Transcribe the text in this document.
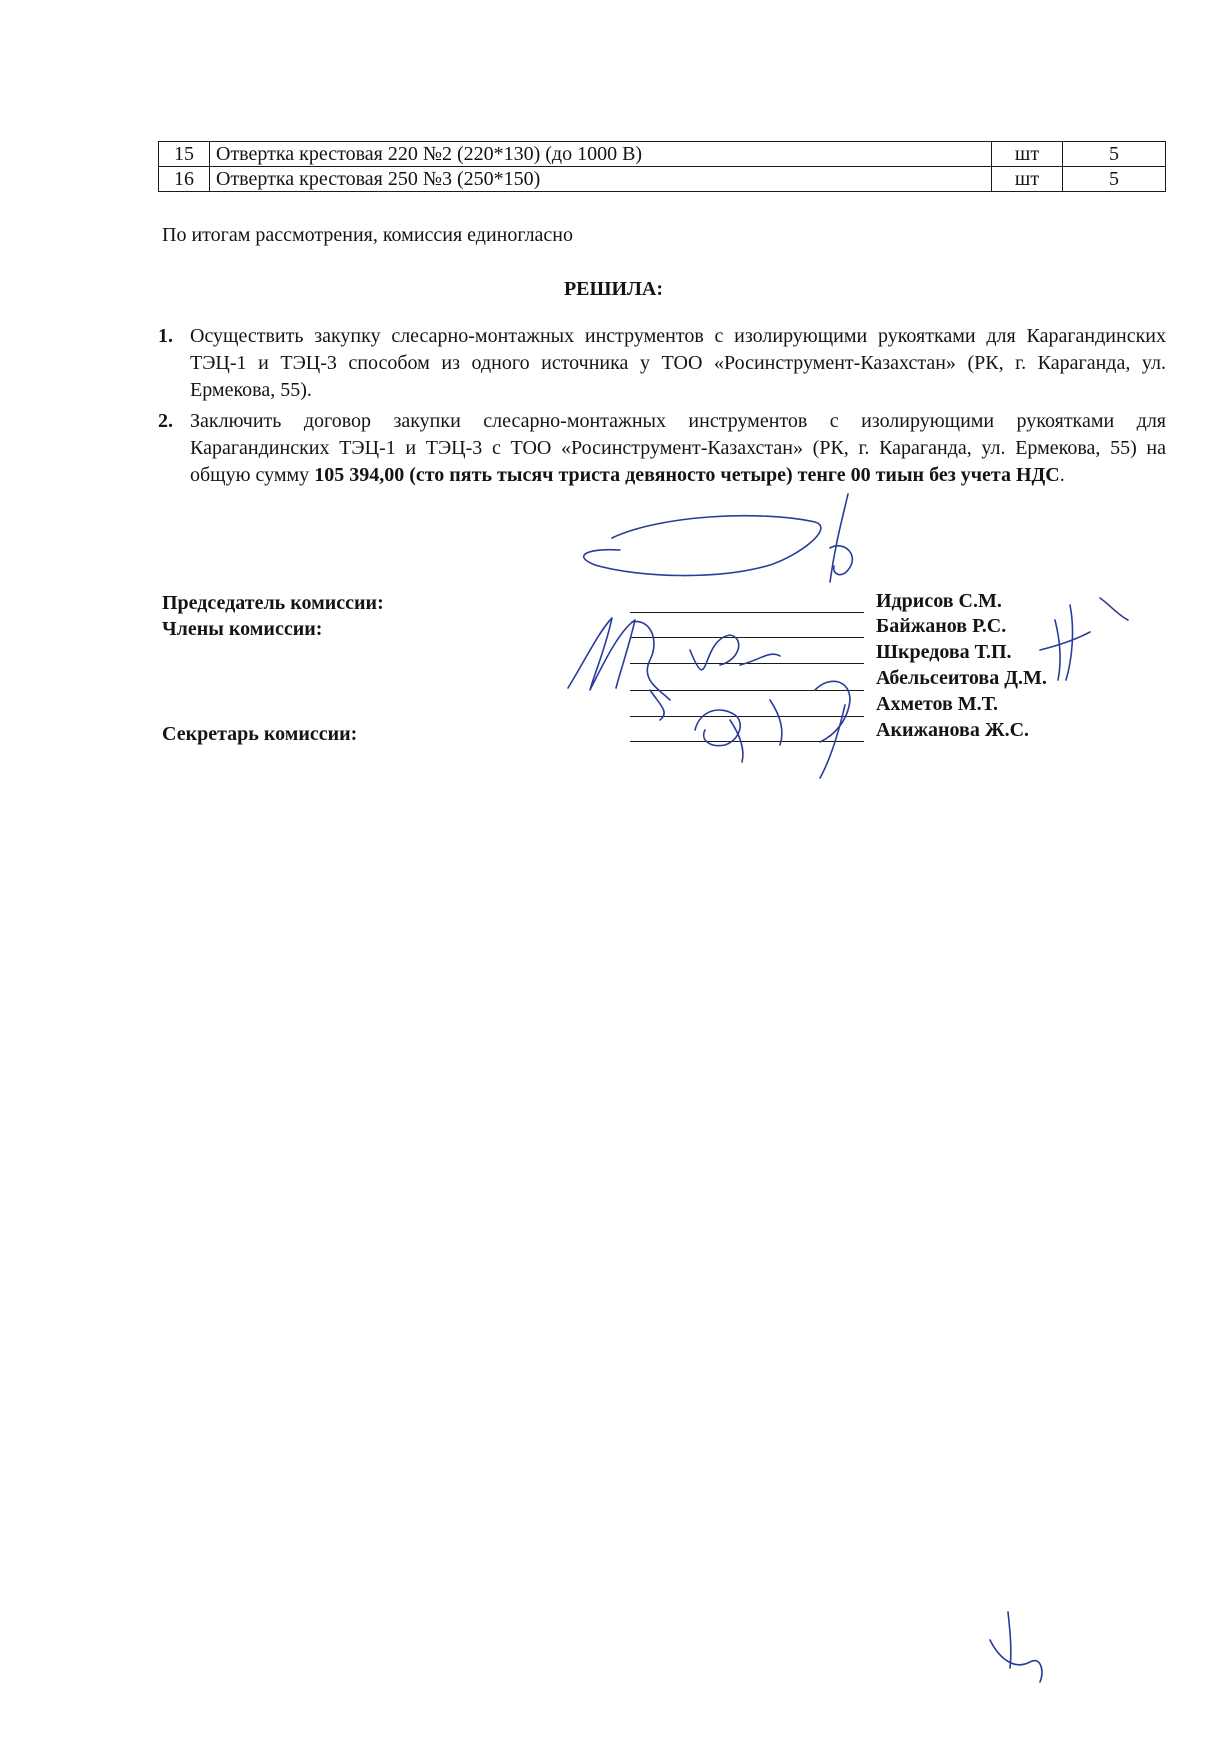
15	Отвертка крестовая 220 №2 (220*130) (до 1000 В)	шт	5
16	Отвертка крестовая 250 №3 (250*150)	шт	5
По итогам рассмотрения, комиссия единогласно
РЕШИЛА:
1. Осуществить закупку слесарно-монтажных инструментов с изолирующими рукоятками для Карагандинских ТЭЦ-1 и ТЭЦ-3 способом из одного источника у ТОО «Росинструмент-Казахстан» (РК, г. Караганда, ул. Ермекова, 55).
2. Заключить договор закупки слесарно-монтажных инструментов с изолирующими рукоятками для Карагандинских ТЭЦ-1 и ТЭЦ-3 с ТОО «Росинструмент-Казахстан» (РК, г. Караганда, ул. Ермекова, 55) на общую сумму 105 394,00 (сто пять тысяч триста девяносто четыре) тенге 00 тиын без учета НДС.
Председатель комиссии:
Члены комиссии:
Секретарь комиссии:
Идрисов С.М.
Байжанов Р.С.
Шкредова Т.П.
Абельсеитова Д.М.
Ахметов М.Т.
Акижанова Ж.С.
